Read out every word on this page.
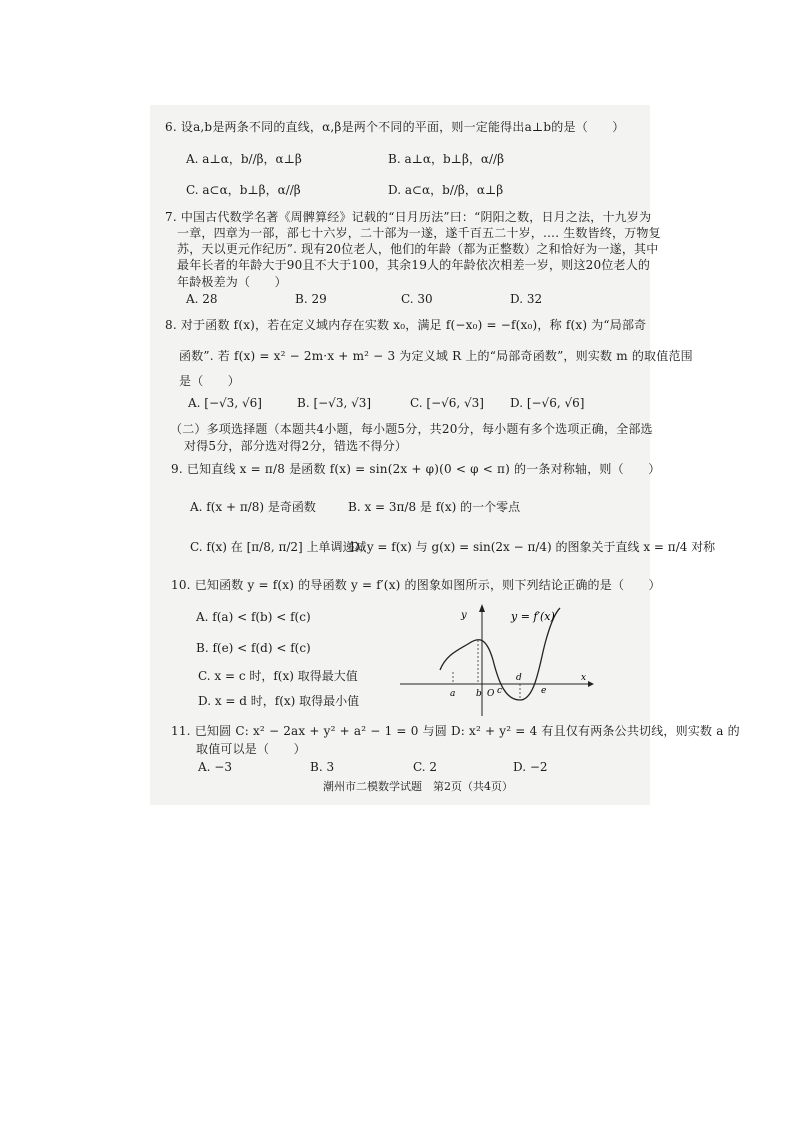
6. 设a,b是两条不同的直线，α,β是两个不同的平面，则一定能得出a⊥b的是（　　）
A. a⊥α，b//β，α⊥β	B. a⊥α，b⊥β，α//β
C. a⊂α，b⊥β，α//β	D. a⊂α，b//β，α⊥β
7. 中国古代数学名著《周髀算经》记载的“日月历法”曰：“阴阳之数，日月之法，十九岁为
一章，四章为一部，部七十六岁，二十部为一遂，遂千百五二十岁，…. 生数皆终，万物复
苏，天以更元作纪历”. 现有20位老人，他们的年龄（都为正整数）之和恰好为一遂，其中
最年长者的年龄大于90且不大于100，其余19人的年龄依次相差一岁，则这20位老人的
年龄极差为（　　）
A. 28	B. 29	C. 30	D. 32
8. 对于函数 f(x)，若在定义域内存在实数 x₀，满足 f(−x₀) = −f(x₀)，称 f(x) 为“局部奇
函数”. 若 f(x) = x² − 2m·x + m² − 3 为定义域 R 上的“局部奇函数”，则实数 m 的取值范围
是（　　）
A. [−√3, √6]	B. [−√3, √3]	C. [−√6, √3] D. [−√6, √6]
（二）多项选择题（本题共4小题，每小题5分，共20分，每小题有多个选项正确，全部选
对得5分，部分选对得2分，错选不得分）
9. 已知直线 x = π/8 是函数 f(x) = sin(2x + φ)(0 < φ < π) 的一条对称轴，则（　　）
A. f(x + π/8) 是奇函数	B. x = 3π/8 是 f(x) 的一个零点
C. f(x) 在 [π/8, π/2] 上单调递减
D. y = f(x) 与 g(x) = sin(2x − π/4) 的图象关于直线 x = π/4 对称
10. 已知函数 y = f(x) 的导函数 y = f′(x) 的图象如图所示，则下列结论正确的是（　　）
A. f(a) < f(b) < f(c)
B. f(e) < f(d) < f(c)
C. x = c 时，f(x) 取得最大值
D. x = d 时，f(x) 取得最小值
y	y = f′(x)
x
a b O c
d
e
11. 已知圆 C: x² − 2ax + y² + a² − 1 = 0 与圆 D: x² + y² = 4 有且仅有两条公共切线，则实数 a 的
取值可以是（　　）
A. −3	B. 3	C. 2	D. −2
潮州市二模数学试题　第2页（共4页）
